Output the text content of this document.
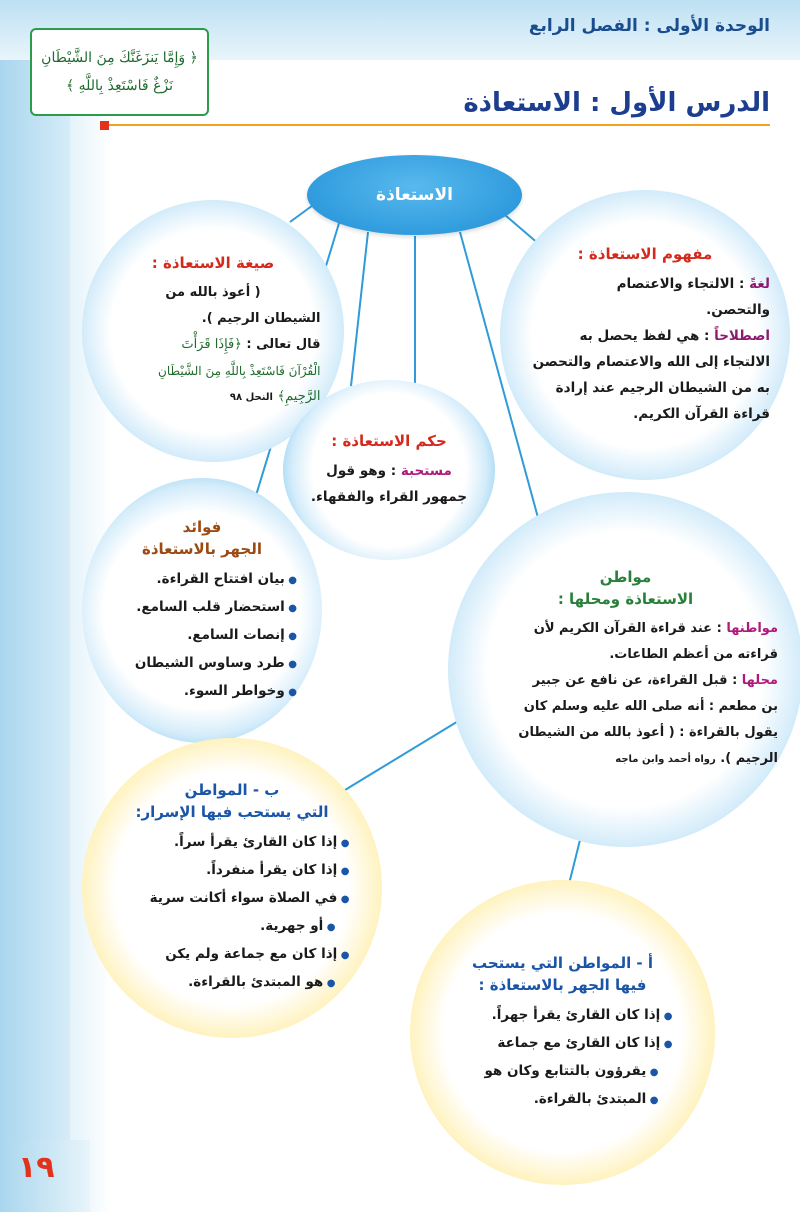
الوحدة الأولى : الفصل الرابع
﴿ وَإِمَّا يَنزَغَنَّكَ مِنَ الشَّيْطَانِ
نَزْغٌ فَاسْتَعِذْ بِاللَّهِ ﴾
الدرس الأول : الاستعاذة
الاستعاذة
مفهوم الاستعاذة :
لغةً : الالتجاء والاعتصام
والتحصن.
اصطلاحاً : هي لفظ يحصل به
الالتجاء إلى الله والاعتصام والتحصن
به من الشيطان الرجيم عند إرادة
قراءة القرآن الكريم.
صيغة الاستعاذة :
( أعوذ بالله من
الشيطان الرجيم ).
قال تعالى : ﴿فَإِذَا قَرَأْتَ
الْقُرْآنَ فَاسْتَعِذْ بِاللَّهِ مِنَ الشَّيْطَانِ
الرَّجِيمِ﴾ النحل ٩٨
حكم الاستعاذة :
مستحبة : وهو قول
جمهور القراء والفقهاء.
فوائد
الجهر بالاستعاذة
● بيان افتتاح القراءة.
● استحضار قلب السامع.
● إنصات السامع.
● طرد وساوس الشيطان
● وخواطر السوء.
مواطن
الاستعاذة ومحلها :
مواطنها : عند قراءة القرآن الكريم لأن
قراءته من أعظم الطاعات.
محلها : قبل القراءة، عن نافع عن جبير
بن مطعم : أنه صلى الله عليه وسلم كان
يقول بالقراءة : ( أعوذ بالله من الشيطان
الرجيم ). رواه أحمد وابن ماجه
ب - المواطن
التي يستحب فيها الإسرار:
● إذا كان القارئ يقرأ سراً.
● إذا كان يقرأ منفرداً.
● في الصلاة سواء أكانت سرية
● أو جهرية.
● إذا كان مع جماعة ولم يكن
● هو المبتدئ بالقراءة.
أ - المواطن التي يستحب
فيها الجهر بالاستعاذة :
● إذا كان القارئ يقرأ جهراً.
● إذا كان القارئ مع جماعة
● يقرؤون بالتتابع وكان هو
● المبتدئ بالقراءة.
١٩
